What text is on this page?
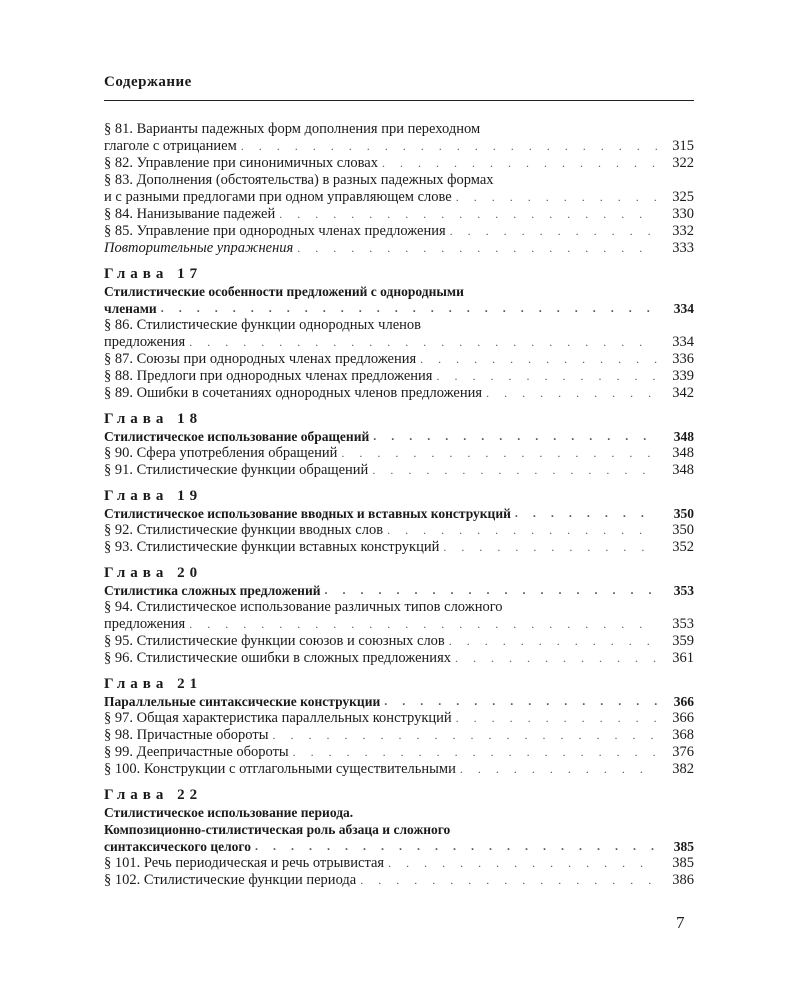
Содержание
§ 81. Варианты падежных форм дополнения при переходном
глаголе с отрицанием . . .	315
§ 82. Управление при синонимичных словах . . .	322
§ 83. Дополнения (обстоятельства) в разных падежных формах
и с разными предлогами при одном управляющем слове . . .	325
§ 84. Нанизывание падежей . . .	330
§ 85. Управление при однородных членах предложения . . .	332
Повторительные упражнения . . .	333
Глава 17
Стилистические особенности предложений с однородными
членами . . .	334
§ 86. Стилистические функции однородных членов
предложения . . .	334
§ 87. Союзы при однородных членах предложения . . .	336
§ 88. Предлоги при однородных членах предложения . . .	339
§ 89. Ошибки в сочетаниях однородных членов предложения . . .	342
Глава 18
Стилистическое использование обращений . . .	348
§ 90. Сфера употребления обращений . . .	348
§ 91. Стилистические функции обращений . . .	348
Глава 19
Стилистическое использование вводных и вставных конструкций . . .	350
§ 92. Стилистические функции вводных слов . . .	350
§ 93. Стилистические функции вставных конструкций . . .	352
Глава 20
Стилистика сложных предложений . . .	353
§ 94. Стилистическое использование различных типов сложного
предложения . . .	353
§ 95. Стилистические функции союзов и союзных слов . . .	359
§ 96. Стилистические ошибки в сложных предложениях . . .	361
Глава 21
Параллельные синтаксические конструкции . . .	366
§ 97. Общая характеристика параллельных конструкций . . .	366
§ 98. Причастные обороты . . .	368
§ 99. Деепричастные обороты . . .	376
§ 100. Конструкции с отглагольными существительными . . .	382
Глава 22
Стилистическое использование периода.
Композиционно-стилистическая роль абзаца и сложного
синтаксического целого . . .	385
§ 101. Речь периодическая и речь отрывистая . . .	385
§ 102. Стилистические функции периода . . .	386
7
